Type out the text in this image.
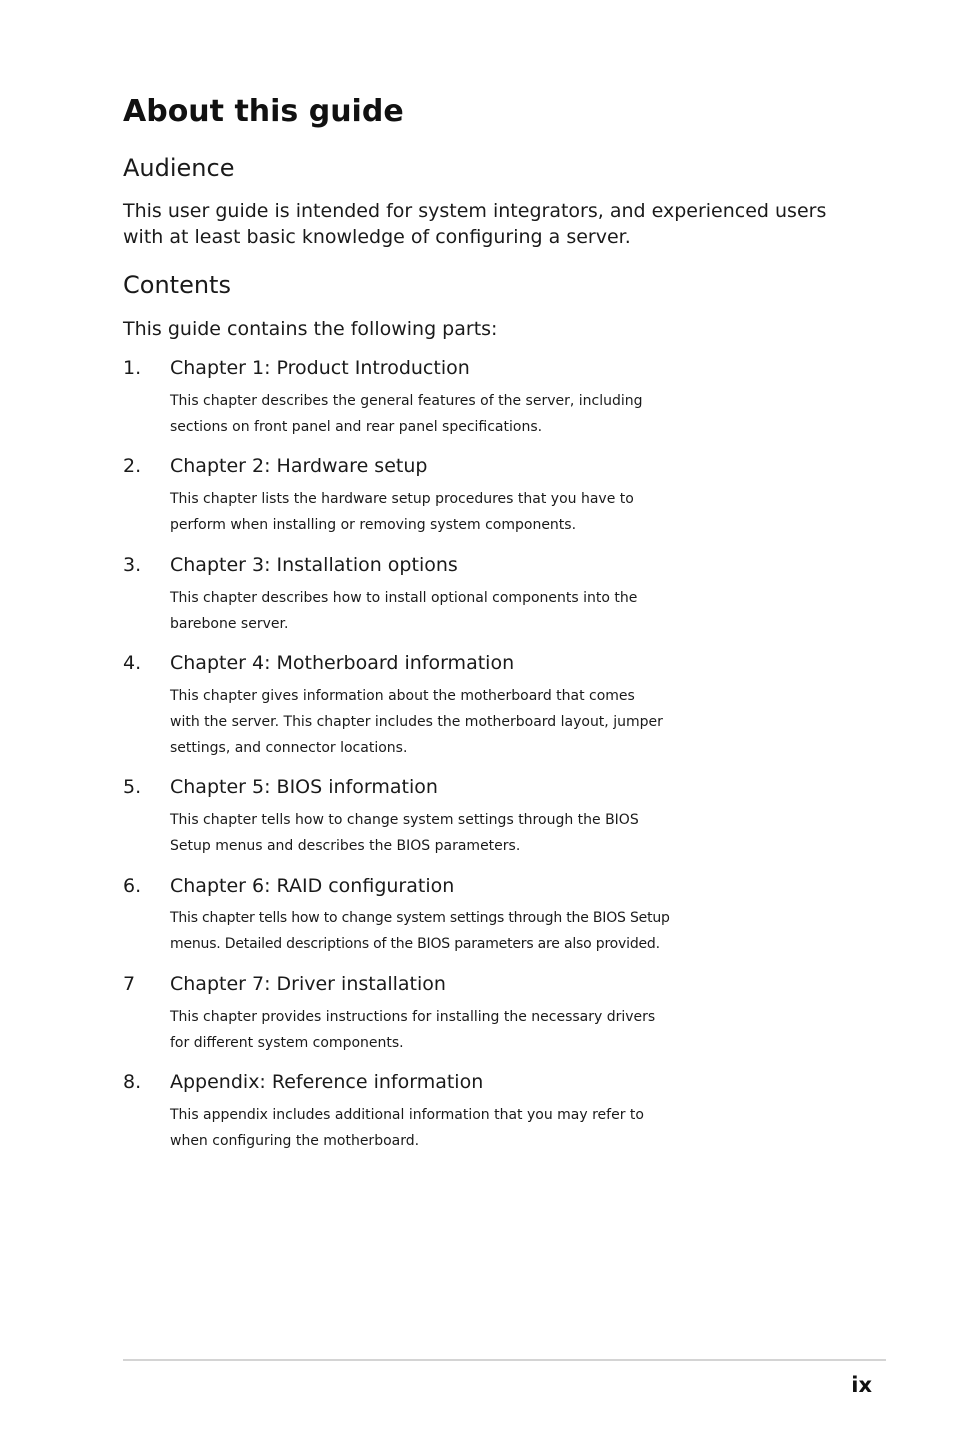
About this guide
Audience

This user guide is intended for system integrators, and experienced users
with at least basic knowledge of configuring a server.

Contents

This guide contains the following parts:

1. Chapter 1: Product Introduction

This chapter describes the general features of the server, including
sections on front panel and rear panel specifications.

2. Chapter 2: Hardware setup

This chapter lists the hardware setup procedures that you have to
perform when installing or removing system components.

3. Chapter 3: Installation options

This chapter describes how to install optional components into the
barebone server.

4. Chapter 4: Motherboard information

This chapter gives information about the motherboard that comes
with the server. This chapter includes the motherboard layout, jumper
settings, and connector locations.

5. Chapter 5: BIOS information

This chapter tells how to change system settings through the BIOS
Setup menus and describes the BIOS parameters.

6. Chapter 6: RAID configuration

This chapter tells how to change system settings through the BIOS Setup
menus. Detailed descriptions of the BIOS parameters are also provided.

7 Chapter 7: Driver installation

This chapter provides instructions for installing the necessary drivers
for different system components.

8. Appendix: Reference information

This appendix includes additional information that you may refer to
when configuring the motherboard.

ix
